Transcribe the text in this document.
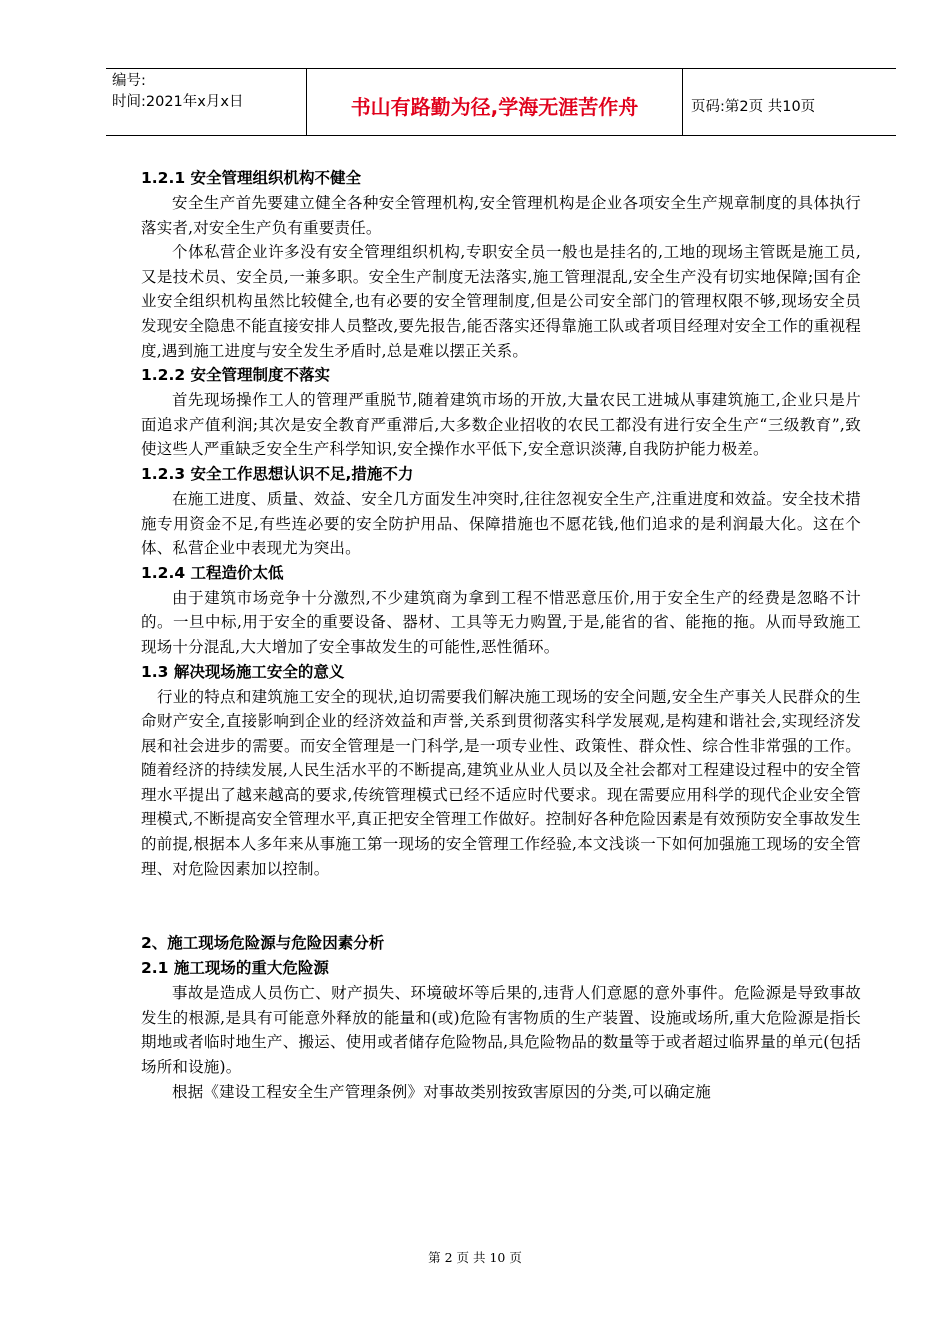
编号:
时间:2021年x月x日	书山有路勤为径,学海无涯苦作舟	页码:第2页 共10页
1.2.1 安全管理组织机构不健全

安全生产首先要建立健全各种安全管理机构,安全管理机构是企业各项安全生产规章制度的具体执行落实者,对安全生产负有重要责任。

个体私营企业许多没有安全管理组织机构,专职安全员一般也是挂名的,工地的现场主管既是施工员,又是技术员、安全员,一兼多职。安全生产制度无法落实,施工管理混乱,安全生产没有切实地保障;国有企业安全组织机构虽然比较健全,也有必要的安全管理制度,但是公司安全部门的管理权限不够,现场安全员发现安全隐患不能直接安排人员整改,要先报告,能否落实还得靠施工队或者项目经理对安全工作的重视程度,遇到施工进度与安全发生矛盾时,总是难以摆正关系。

1.2.2 安全管理制度不落实

首先现场操作工人的管理严重脱节,随着建筑市场的开放,大量农民工进城从事建筑施工,企业只是片面追求产值利润;其次是安全教育严重滞后,大多数企业招收的农民工都没有进行安全生产“三级教育”,致使这些人严重缺乏安全生产科学知识,安全操作水平低下,安全意识淡薄,自我防护能力极差。

1.2.3 安全工作思想认识不足,措施不力

在施工进度、质量、效益、安全几方面发生冲突时,往往忽视安全生产,注重进度和效益。安全技术措施专用资金不足,有些连必要的安全防护用品、保障措施也不愿花钱,他们追求的是利润最大化。这在个体、私营企业中表现尤为突出。

1.2.4 工程造价太低

由于建筑市场竞争十分激烈,不少建筑商为拿到工程不惜恶意压价,用于安全生产的经费是忽略不计的。一旦中标,用于安全的重要设备、器材、工具等无力购置,于是,能省的省、能拖的拖。从而导致施工现场十分混乱,大大增加了安全事故发生的可能性,恶性循环。

1.3 解决现场施工安全的意义

行业的特点和建筑施工安全的现状,迫切需要我们解决施工现场的安全问题,安全生产事关人民群众的生命财产安全,直接影响到企业的经济效益和声誉,关系到贯彻落实科学发展观,是构建和谐社会,实现经济发展和社会进步的需要。而安全管理是一门科学,是一项专业性、政策性、群众性、综合性非常强的工作。随着经济的持续发展,人民生活水平的不断提高,建筑业从业人员以及全社会都对工程建设过程中的安全管理水平提出了越来越高的要求,传统管理模式已经不适应时代要求。现在需要应用科学的现代企业安全管理模式,不断提高安全管理水平,真正把安全管理工作做好。控制好各种危险因素是有效预防安全事故发生的前提,根据本人多年来从事施工第一现场的安全管理工作经验,本文浅谈一下如何加强施工现场的安全管理、对危险因素加以控制。

2、施工现场危险源与危险因素分析
2.1 施工现场的重大危险源

事故是造成人员伤亡、财产损失、环境破坏等后果的,违背人们意愿的意外事件。危险源是导致事故发生的根源,是具有可能意外释放的能量和(或)危险有害物质的生产装置、设施或场所,重大危险源是指长期地或者临时地生产、搬运、使用或者储存危险物品,具危险物品的数量等于或者超过临界量的单元(包括场所和设施)。

根据《建设工程安全生产管理条例》对事故类别按致害原因的分类,可以确定施

第 2 页 共 10 页
